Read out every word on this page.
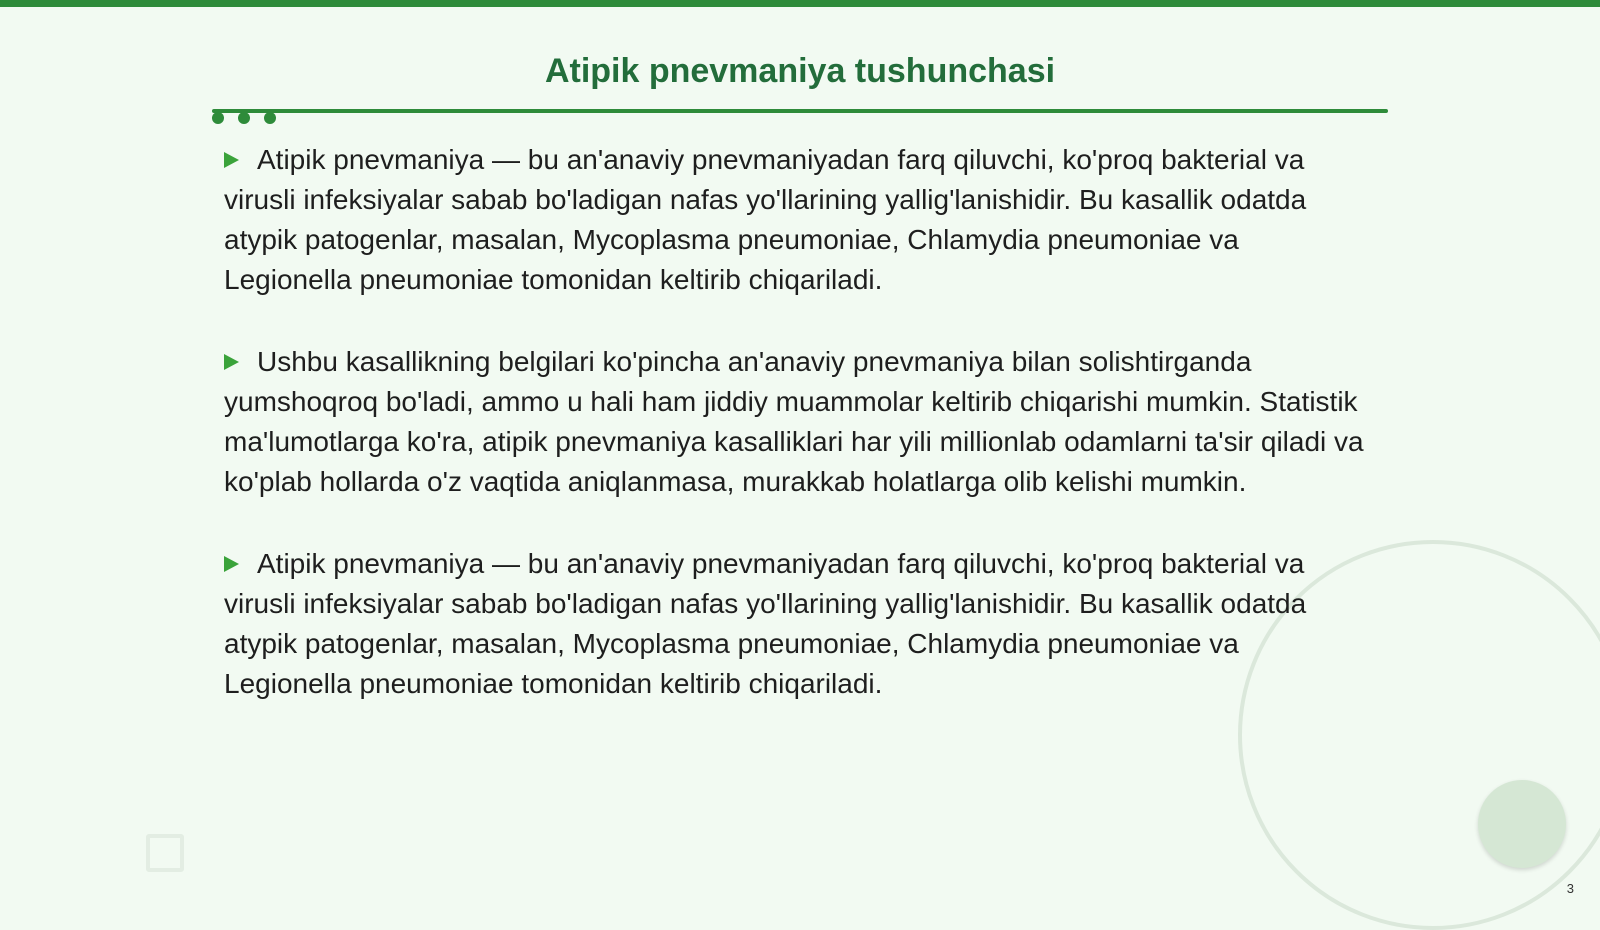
Atipik pnevmaniya tushunchasi

Atipik pnevmaniya — bu an'anaviy pnevmaniyadan farq qiluvchi, ko'proq bakterial va virusli infeksiyalar sabab bo'ladigan nafas yo'llarining yallig'lanishidir. Bu kasallik odatda atypik patogenlar, masalan, Mycoplasma pneumoniae, Chlamydia pneumoniae va Legionella pneumoniae tomonidan keltirib chiqariladi.

Ushbu kasallikning belgilari ko'pincha an'anaviy pnevmaniya bilan solishtirganda yumshoqroq bo'ladi, ammo u hali ham jiddiy muammolar keltirib chiqarishi mumkin. Statistik ma'lumotlarga ko'ra, atipik pnevmaniya kasalliklari har yili millionlab odamlarni ta'sir qiladi va ko'plab hollarda o'z vaqtida aniqlanmasa, murakkab holatlarga olib kelishi mumkin.

Atipik pnevmaniya — bu an'anaviy pnevmaniyadan farq qiluvchi, ko'proq bakterial va virusli infeksiyalar sabab bo'ladigan nafas yo'llarining yallig'lanishidir. Bu kasallik odatda atypik patogenlar, masalan, Mycoplasma pneumoniae, Chlamydia pneumoniae va Legionella pneumoniae tomonidan keltirib chiqariladi.

3
